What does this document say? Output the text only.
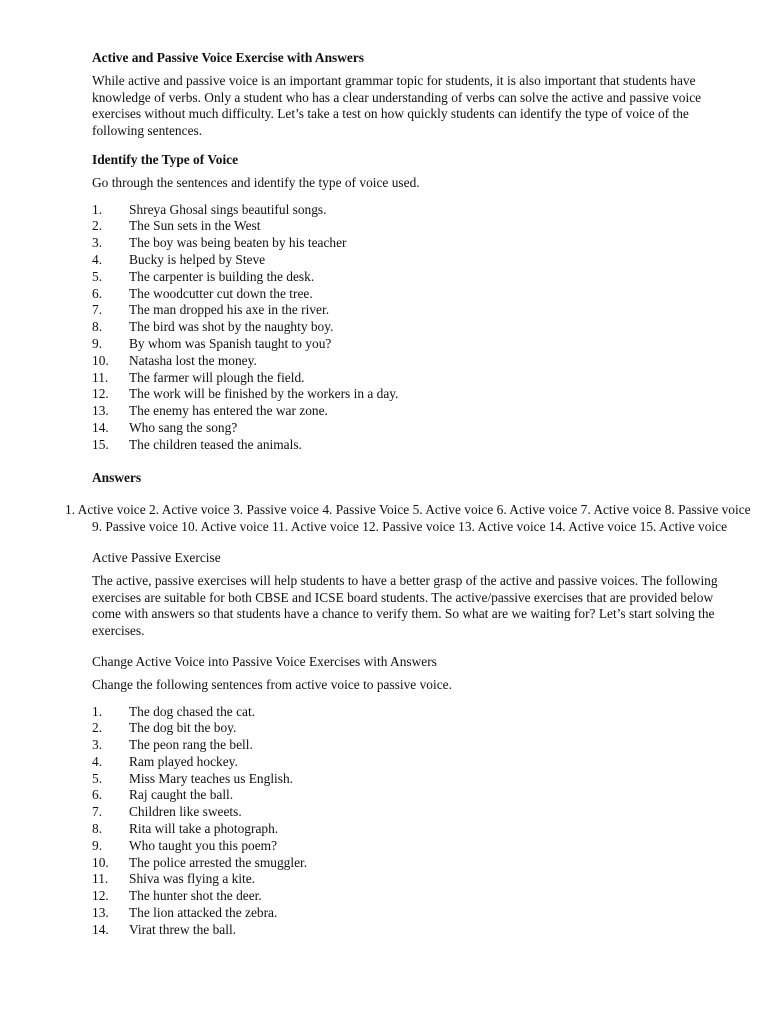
Active and Passive Voice Exercise with Answers

While active and passive voice is an important grammar topic for students, it is also important that students have knowledge of verbs. Only a student who has a clear understanding of verbs can solve the active and passive voice exercises without much difficulty. Let’s take a test on how quickly students can identify the type of voice of the following sentences.

Identify the Type of Voice

Go through the sentences and identify the type of voice used.

1.	Shreya Ghosal sings beautiful songs.
2.	The Sun sets in the West
3.	The boy was being beaten by his teacher
4.	Bucky is helped by Steve
5.	The carpenter is building the desk.
6.	The woodcutter cut down the tree.
7.	The man dropped his axe in the river.
8.	The bird was shot by the naughty boy.
9.	By whom was Spanish taught to you?
10.	Natasha lost the money.
11.	The farmer will plough the field.
12.	The work will be finished by the workers in a day.
13.	The enemy has entered the war zone.
14.	Who sang the song?
15.	The children teased the animals.
Answers

1. Active voice 2. Active voice 3. Passive voice 4. Passive Voice 5. Active voice 6. Active voice 7. Active voice 8. Passive voice 9. Passive voice 10. Active voice 11. Active voice 12. Passive voice 13. Active voice 14. Active voice 15. Active voice

Active Passive Exercise

The active, passive exercises will help students to have a better grasp of the active and passive voices. The following exercises are suitable for both CBSE and ICSE board students. The active/passive exercises that are provided below come with answers so that students have a chance to verify them. So what are we waiting for? Let’s start solving the exercises.

Change Active Voice into Passive Voice Exercises with Answers

Change the following sentences from active voice to passive voice.

1.	The dog chased the cat.
2.	The dog bit the boy.
3.	The peon rang the bell.
4.	Ram played hockey.
5.	Miss Mary teaches us English.
6.	Raj caught the ball.
7.	Children like sweets.
8.	Rita will take a photograph.
9.	Who taught you this poem?
10.	The police arrested the smuggler.
11.	Shiva was flying a kite.
12.	The hunter shot the deer.
13.	The lion attacked the zebra.
14.	Virat threw the ball.
